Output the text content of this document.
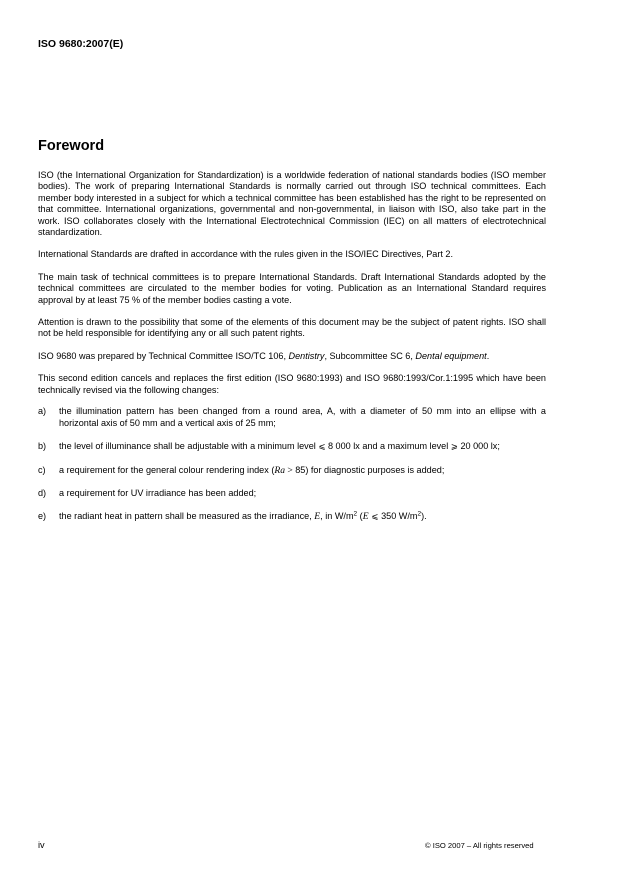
ISO 9680:2007(E)
Foreword

ISO (the International Organization for Standardization) is a worldwide federation of national standards bodies (ISO member bodies). The work of preparing International Standards is normally carried out through ISO technical committees. Each member body interested in a subject for which a technical committee has been established has the right to be represented on that committee. International organizations, governmental and non-governmental, in liaison with ISO, also take part in the work. ISO collaborates closely with the International Electrotechnical Commission (IEC) on all matters of electrotechnical standardization.

International Standards are drafted in accordance with the rules given in the ISO/IEC Directives, Part 2.

The main task of technical committees is to prepare International Standards. Draft International Standards adopted by the technical committees are circulated to the member bodies for voting. Publication as an International Standard requires approval by at least 75 % of the member bodies casting a vote.

Attention is drawn to the possibility that some of the elements of this document may be the subject of patent rights. ISO shall not be held responsible for identifying any or all such patent rights.

ISO 9680 was prepared by Technical Committee ISO/TC 106, Dentistry, Subcommittee SC 6, Dental equipment.

This second edition cancels and replaces the first edition (ISO 9680:1993) and ISO 9680:1993/Cor.1:1995 which have been technically revised via the following changes:

a) the illumination pattern has been changed from a round area, A, with a diameter of 50 mm into an ellipse with a horizontal axis of 50 mm and a vertical axis of 25 mm;
b) the level of illuminance shall be adjustable with a minimum level ⩽ 8 000 lx and a maximum level ⩾ 20 000 lx;
c) a requirement for the general colour rendering index (Ra > 85) for diagnostic purposes is added;
d) a requirement for UV irradiance has been added;
e) the radiant heat in pattern shall be measured as the irradiance, E, in $W/m^2$ (E ⩽ 350 $W/m^2$).
iv	© ISO 2007 – All rights reserved
